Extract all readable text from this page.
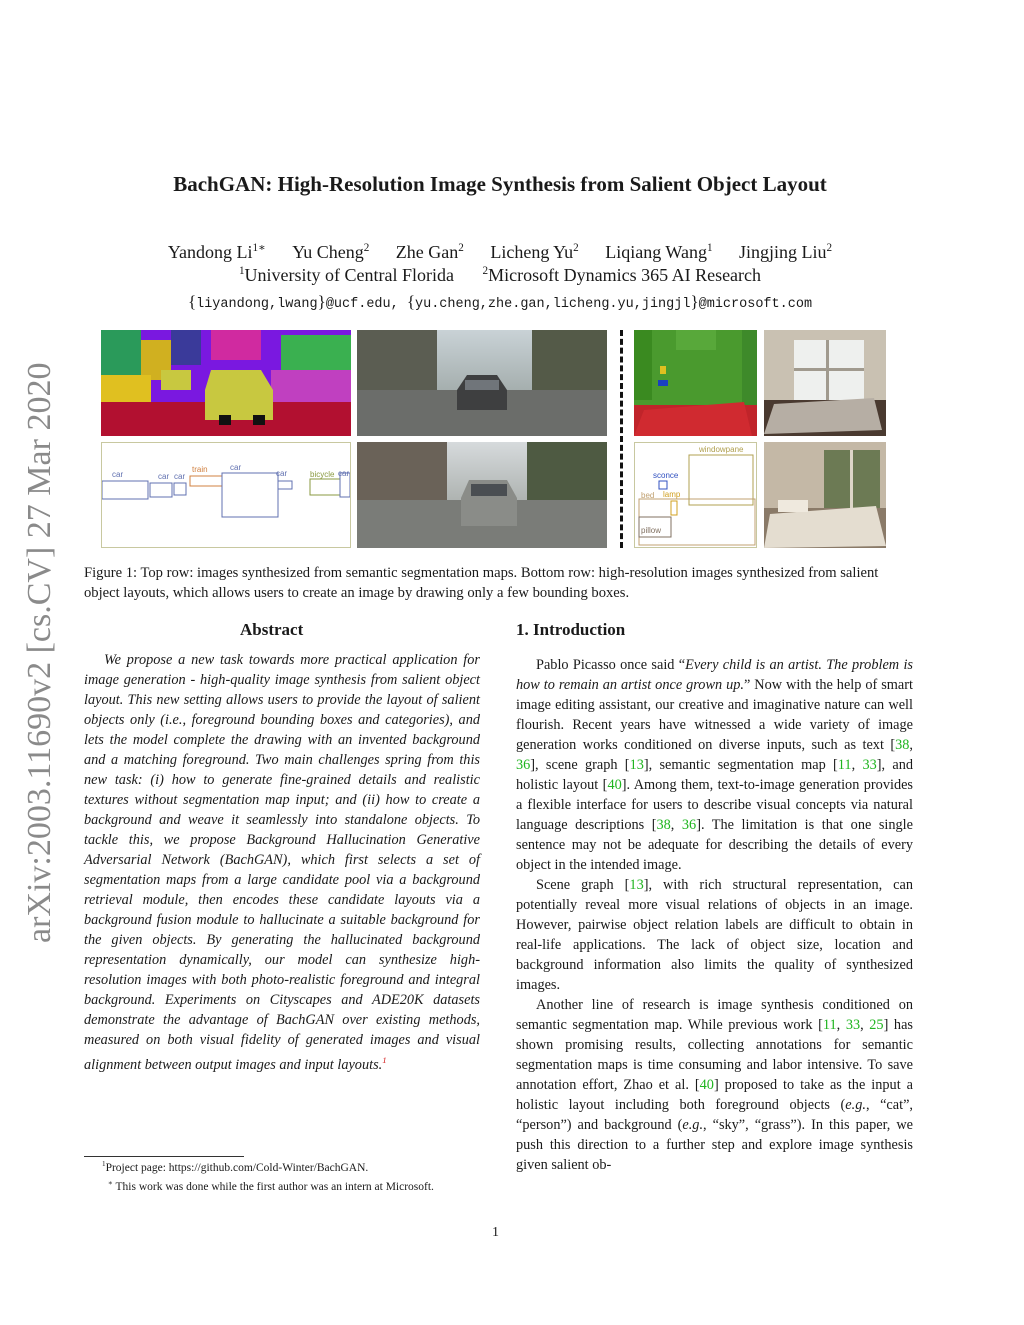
arXiv:2003.11690v2 [cs.CV] 27 Mar 2020
BachGAN: High-Resolution Image Synthesis from Salient Object Layout
Yandong $Li^{1∗}$ Yu Cheng$^2$ Zhe Gan$^2$ Licheng Yu$^2$ Liqiang Wang$^1$ Jingjing Liu$^2$
$^1$University of Central Florida	$^2$Microsoft Dynamics 365 AI Research
{liyandong,lwang}@ucf.edu, {yu.cheng,zhe.gan,licheng.yu,jingjl}@microsoft.com
car	car car
train	car
car	bicycle car
windowpane
sconce
bed lamp
pillow
Figure 1: Top row: images synthesized from semantic segmentation maps. Bottom row: high-resolution images synthesized from salient object layouts, which allows users to create an image by drawing only a few bounding boxes.
Abstract
We propose a new task towards more practical application for image generation - high-quality image synthesis from salient object layout. This new setting allows users to provide the layout of salient objects only (i.e., foreground bounding boxes and categories), and lets the model complete the drawing with an invented background and a matching foreground. Two main challenges spring from this new task: (i) how to generate fine-grained details and realistic textures without segmentation map input; and (ii) how to create a background and weave it seamlessly into standalone objects. To tackle this, we propose Background Hallucination Generative Adversarial Network (BachGAN), which first selects a set of segmentation maps from a large candidate pool via a background retrieval module, then encodes these candidate layouts via a background fusion module to hallucinate a suitable background for the given objects. By generating the hallucinated background representation dynamically, our model can synthesize high-resolution images with both photo-realistic foreground and integral background. Experiments on Cityscapes and ADE20K datasets demonstrate the advantage of BachGAN over existing methods, measured on both visual fidelity of generated images and visual alignment between output images and input layouts.$^1$
1. Introduction

Pablo Picasso once said “Every child is an artist. The problem is how to remain an artist once grown up.” Now with the help of smart image editing assistant, our creative and imaginative nature can well flourish. Recent years have witnessed a wide variety of image generation works conditioned on diverse inputs, such as text [38, 36], scene graph [13], semantic segmentation map [11, 33], and holistic layout [40]. Among them, text-to-image generation provides a flexible interface for users to describe visual concepts via natural language descriptions [38, 36]. The limitation is that one single sentence may not be adequate for describing the details of every object in the intended image.

Scene graph [13], with rich structural representation, can potentially reveal more visual relations of objects in an image. However, pairwise object relation labels are difficult to obtain in real-life applications. The lack of object size, location and background information also limits the quality of synthesized images.

Another line of research is image synthesis conditioned on semantic segmentation map. While previous work [11, 33, 25] has shown promising results, collecting annotations for semantic segmentation maps is time consuming and labor intensive. To save annotation effort, Zhao et al. [40] proposed to take as the input a holistic layout including both foreground objects (e.g., “cat”, “person”) and background (e.g., “sky”, “grass”). In this paper, we push this direction to a further step and explore image synthesis given salient ob-

$^1$Project page: https://github.com/Cold-Winter/BachGAN.
∗ This work was done while the first author was an intern at Microsoft.
1
